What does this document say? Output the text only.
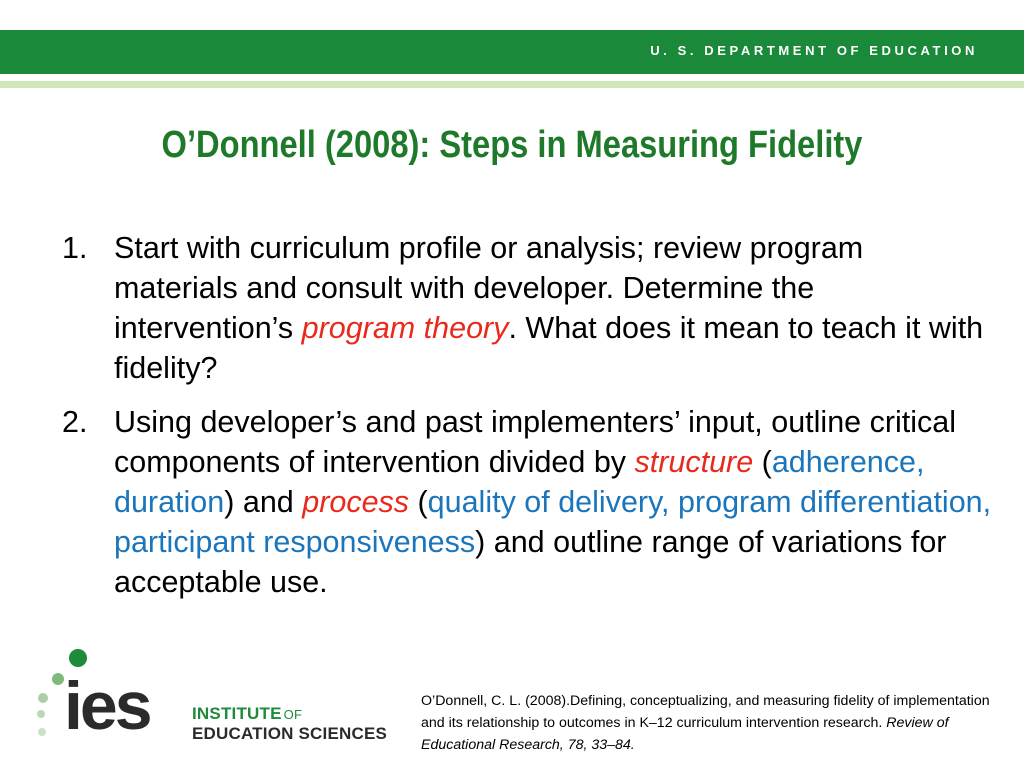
U. S. DEPARTMENT OF EDUCATION
O’Donnell (2008): Steps in Measuring Fidelity
1. Start with curriculum profile or analysis; review program materials and consult with developer. Determine the intervention’s program theory. What does it mean to teach it with fidelity?
2. Using developer’s and past implementers’ input, outline critical components of intervention divided by structure (adherence, duration) and process (quality of delivery, program differentiation, participant responsiveness) and outline range of variations for acceptable use.
ies INSTITUTE OF
EDUCATION SCIENCES
O’Donnell, C. L. (2008).Defining, conceptualizing, and measuring fidelity of implementation and its relationship to outcomes in K–12 curriculum intervention research. Review of Educational Research, 78, 33–84.
